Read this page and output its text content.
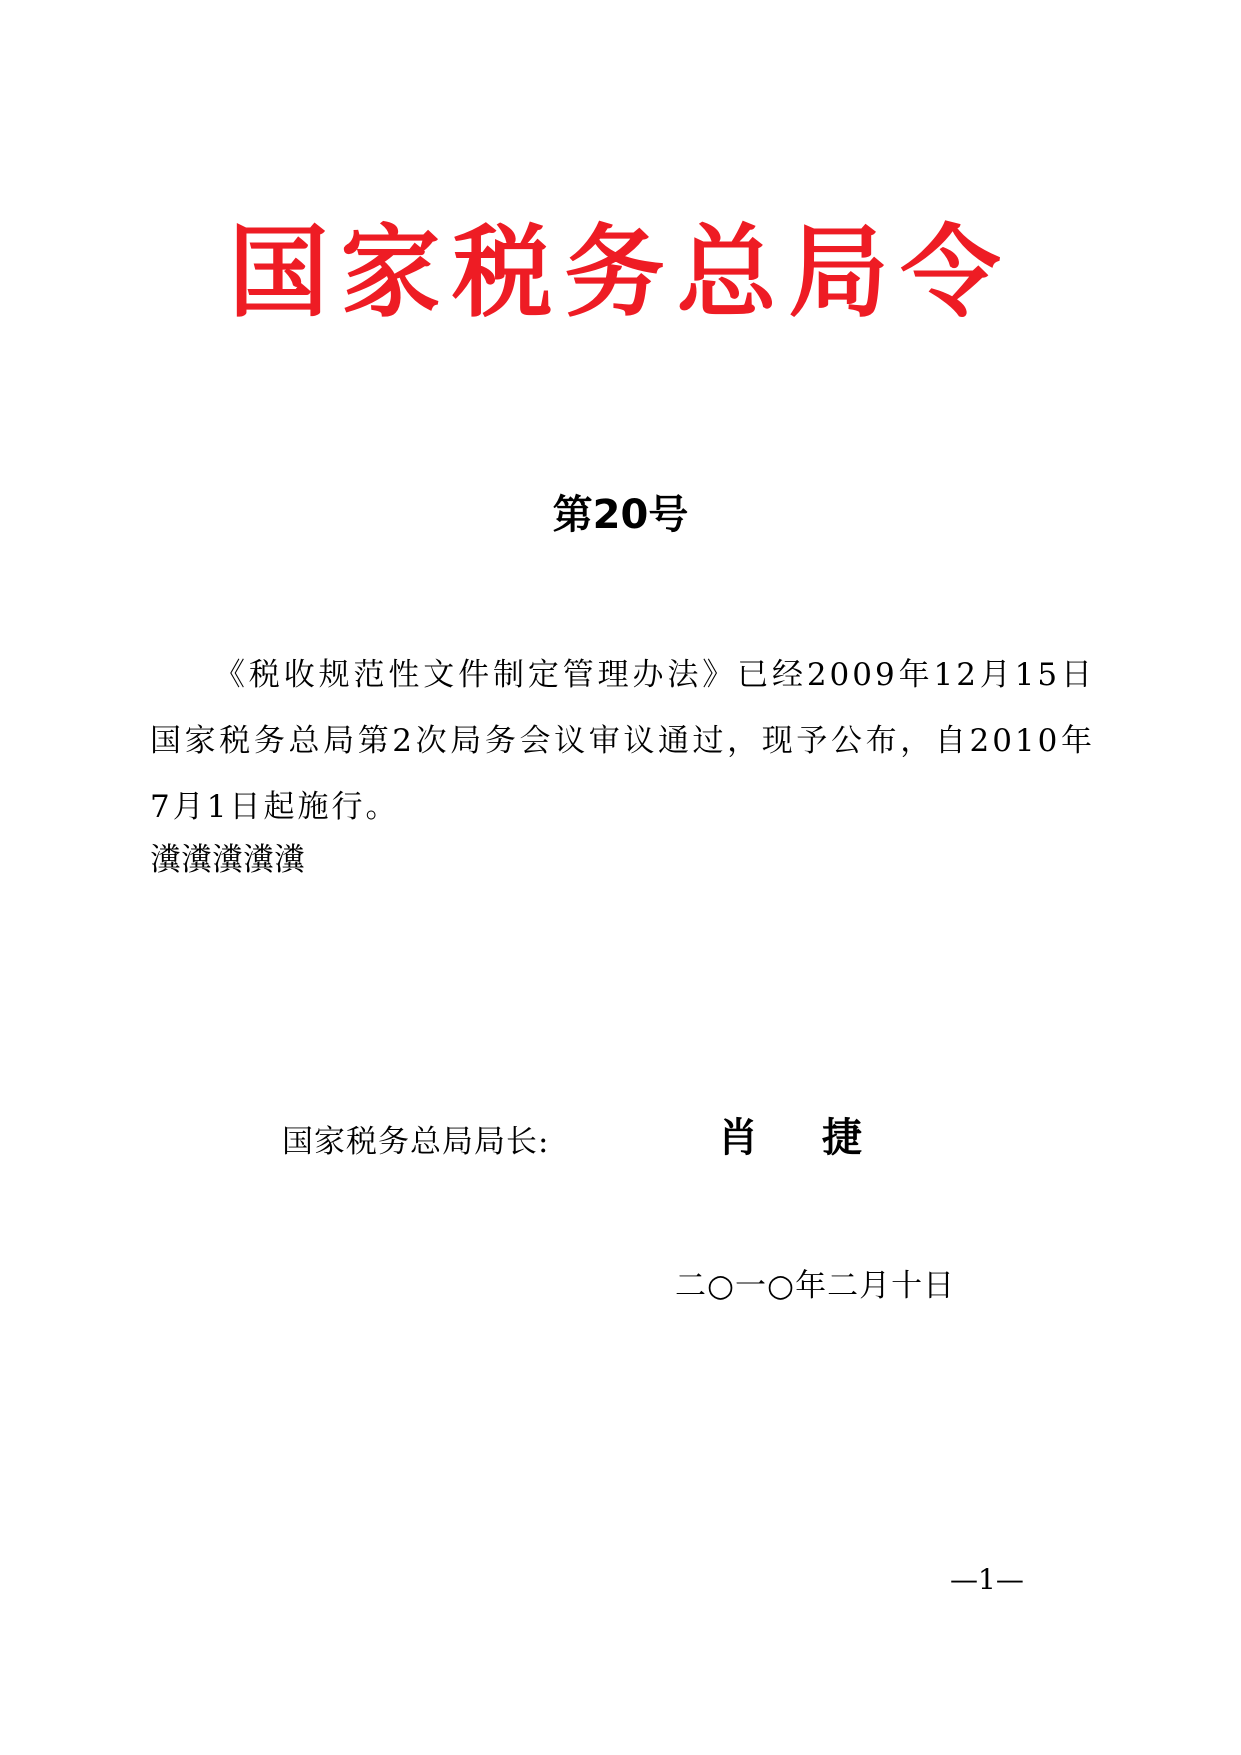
国家税务总局令
第20号
《税收规范性文件制定管理办法》已经2009年12月15日国家税务总局第2次局务会议审议通过，现予公布，自2010年7月1日起施行。
瀵瀵瀵瀵瀵
国家税务总局局长:	肖捷
二○一○年二月十日
—1—
